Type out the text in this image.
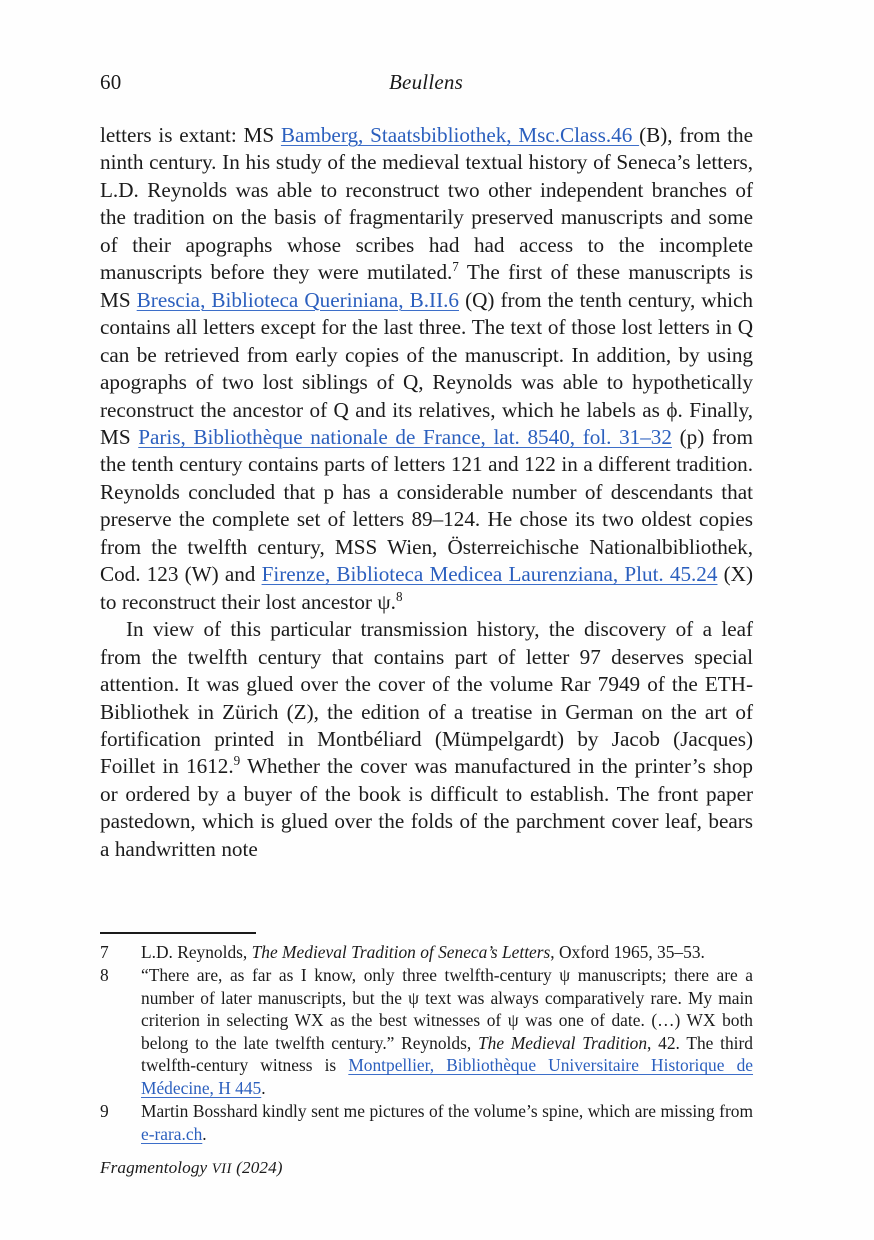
60	Beullens

letters is extant: MS Bamberg, Staatsbibliothek, Msc.Class.46 (B), from the ninth century. In his study of the medieval textual history of Seneca’s letters, L.D. Reynolds was able to reconstruct two other independent branches of the tradition on the basis of fragmentarily preserved manuscripts and some of their apographs whose scribes had had access to the incomplete manuscripts before they were mutilated.$^7$ The first of these manuscripts is MS Brescia, Biblioteca Queriniana, B.II.6 (Q) from the tenth century, which contains all letters except for the last three. The text of those lost letters in Q can be retrieved from early copies of the manuscript. In addition, by using apographs of two lost siblings of Q, Reynolds was able to hypothetically reconstruct the ancestor of Q and its relatives, which he labels as ϕ. Finally, MS Paris, Bibliothèque nationale de France, lat. 8540, fol. 31–32 (p) from the tenth century contains parts of letters 121 and 122 in a different tradition. Reynolds concluded that p has a considerable number of descendants that preserve the complete set of letters 89–124. He chose its two oldest copies from the twelfth century, MSS Wien, Österreichische Nationalbibliothek, Cod. 123 (W) and Firenze, Biblioteca Medicea Laurenziana, Plut. 45.24 (X) to reconstruct their lost ancestor ψ.$^8$

In view of this particular transmission history, the discovery of a leaf from the twelfth century that contains part of letter 97 deserves special attention. It was glued over the cover of the volume Rar 7949 of the ETH-Bibliothek in Zürich (Z), the edition of a treatise in German on the art of fortification printed in Montbéliard (Mümpelgardt) by Jacob (Jacques) Foillet in 1612.$^9$ Whether the cover was manufactured in the printer’s shop or ordered by a buyer of the book is difficult to establish. The front paper pastedown, which is glued over the folds of the parchment cover leaf, bears a handwritten note

7	L.D. Reynolds, The Medieval Tradition of Seneca’s Letters, Oxford 1965, 35–53.
8	“There are, as far as I know, only three twelfth-century ψ manuscripts; there are a number of later manuscripts, but the ψ text was always comparatively rare. My main criterion in selecting WX as the best witnesses of ψ was one of date. (…) WX both belong to the late twelfth century.” Reynolds, The Medieval Tradition, 42. The third twelfth-century witness is Montpellier, Bibliothèque Universitaire Historique de Médecine, H 445.
9	Martin Bosshard kindly sent me pictures of the volume’s spine, which are missing from e-rara.ch.
Fragmentology VII (2024)
